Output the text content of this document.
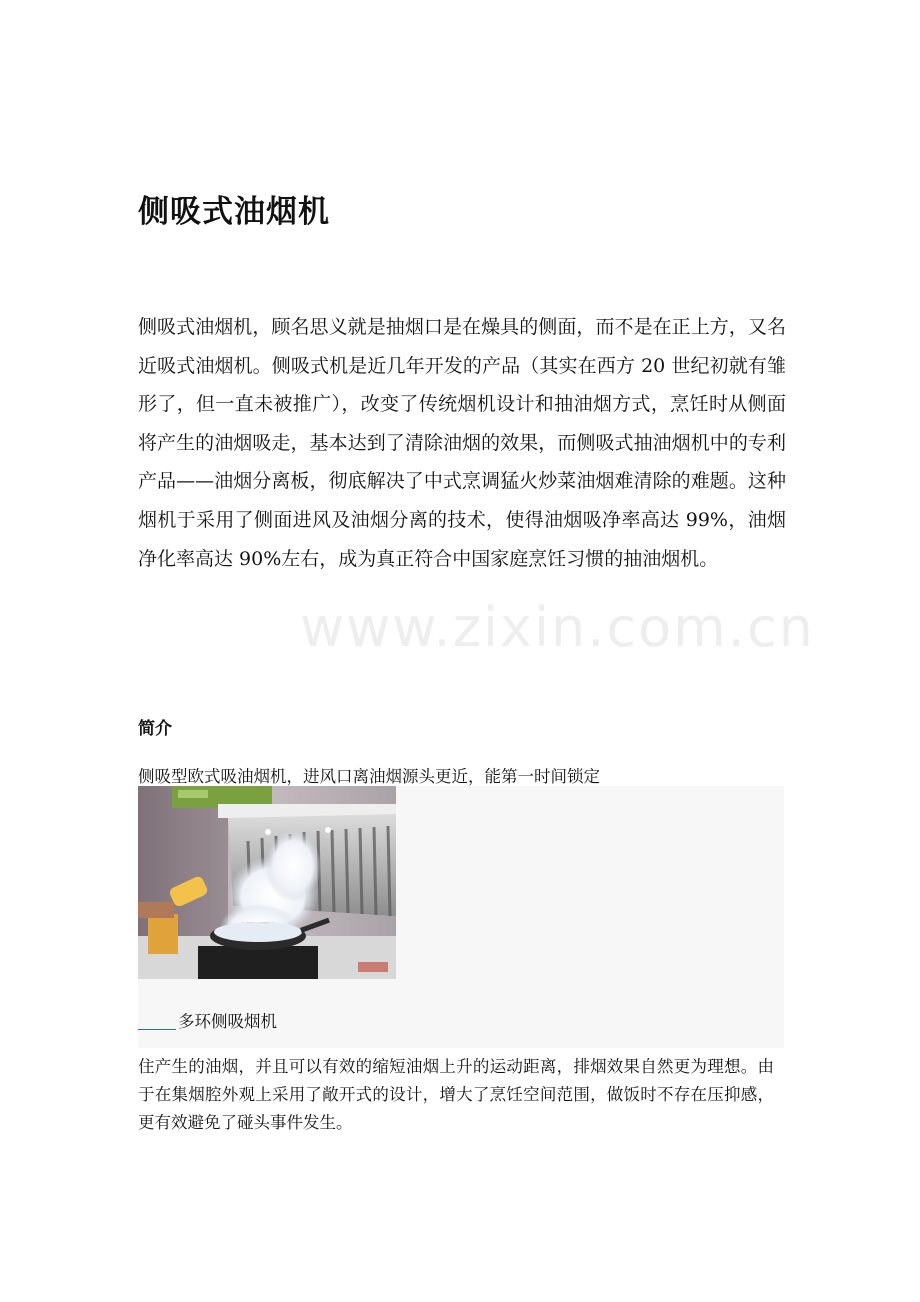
侧吸式油烟机

侧吸式油烟机，顾名思义就是抽烟口是在燥具的侧面，而不是在正上方，又名近吸式油烟机。侧吸式机是近几年开发的产品（其实在西方 20 世纪初就有雏形了，但一直未被推广），改变了传统烟机设计和抽油烟方式，烹饪时从侧面将产生的油烟吸走，基本达到了清除油烟的效果，而侧吸式抽油烟机中的专利产品——油烟分离板，彻底解决了中式烹调猛火炒菜油烟难清除的难题。这种烟机于采用了侧面进风及油烟分离的技术，使得油烟吸净率高达 99%，油烟净化率高达 90%左右，成为真正符合中国家庭烹饪习惯的抽油烟机。

www.zixin.com.cn
简介

侧吸型欧式吸油烟机，进风口离油烟源头更近，能第一时间锁定

多环侧吸烟机

住产生的油烟，并且可以有效的缩短油烟上升的运动距离，排烟效果自然更为理想。由于在集烟腔外观上采用了敞开式的设计，增大了烹饪空间范围，做饭时不存在压抑感，更有效避免了碰头事件发生。
